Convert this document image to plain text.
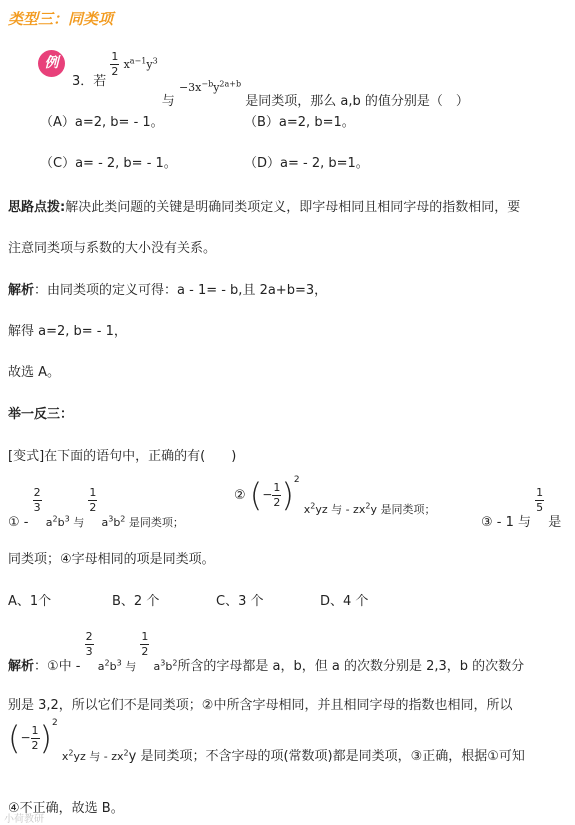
类型三：同类项
例
3．若
$\frac{1}{2} ^{x^{a-1}y^3}$ 与 $_{-3x^{-b}y^{2a+b}}$ 是同类项，那么 a,b 的值分别是（　）
（A）a=2, b= - 1。	（B）a=2, b=1。
（C）a= - 2, b= - 1。	（D）a= - 2, b=1。
思路点拨:解决此类问题的关键是明确同类项定义，即字母相同且相同字母的指数相同，要
注意同类项与系数的大小没有关系。
解析：由同类项的定义可得：a - 1= - b,且 2a+b=3，
解得 a=2, b= - 1，
故选 A。
举一反三：
[变式]在下面的语句中，正确的有(　　)
① -
$\frac{2}{3}$
$_{a^2b^3 与}$
$\frac{1}{2}$
$_{a^3b^2 是同类项;}$
② (− $\frac{1}{2} )^2$ $_{x^2yz 与 - zx^2y 是同类项;}$
③ - 1 与
$\frac{1}{5}$
是
同类项；④字母相同的项是同类项。
A、1个	B、2 个	C、3 个	D、4 个
解析：①中 -
$\frac{2}{3}$
$_{a^2b^3 与}$
$\frac{1}{2}$
$_{a^3b^2}$所含的字母都是 a，b，但 a 的次数分别是 2,3，b 的次数分
别是 3,2，所以它们不是同类项；②中所含字母相同，并且相同字母的指数也相同，所以
(− $\frac{1}{2} )^2$ $_{x^2yz 与 - zx^2}$y 是同类项；不含字母的项(常数项)都是同类项，③正确，根据①可知
④不正确，故选 B。
小荷教研
